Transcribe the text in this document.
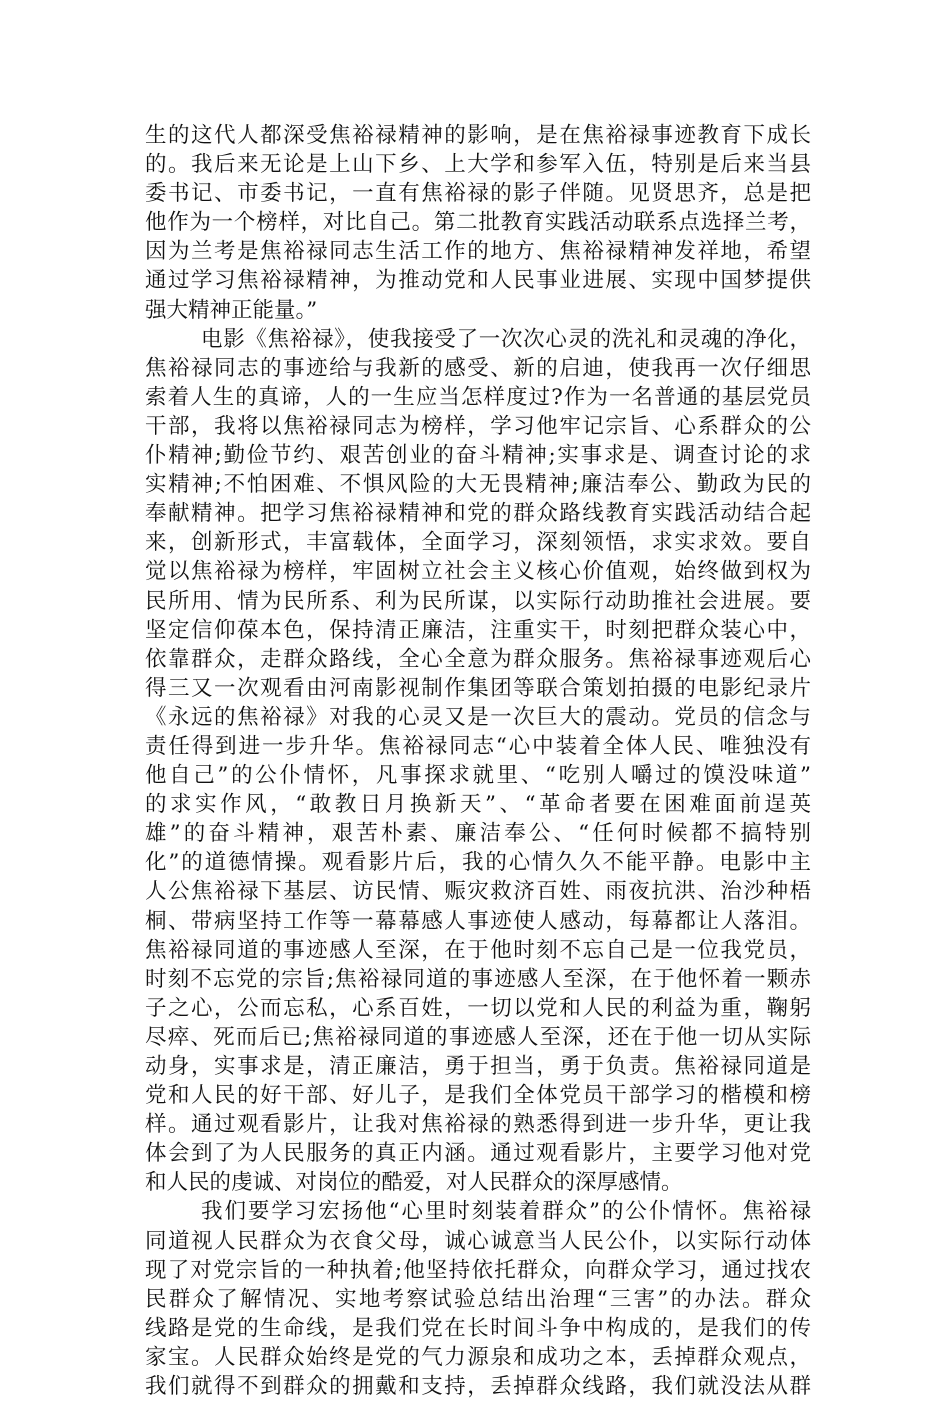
生的这代人都深受焦裕禄精神的影响，是在焦裕禄事迹教育下成长
的。我后来无论是上山下乡、上大学和参军入伍，特别是后来当县
委书记、市委书记，一直有焦裕禄的影子伴随。见贤思齐，总是把
他作为一个榜样，对比自己。第二批教育实践活动联系点选择兰考，
因为兰考是焦裕禄同志生活工作的地方、焦裕禄精神发祥地，希望
通过学习焦裕禄精神，为推动党和人民事业进展、实现中国梦提供
强大精神正能量。”
电影《焦裕禄》，使我接受了一次次心灵的洗礼和灵魂的净化，
焦裕禄同志的事迹给与我新的感受、新的启迪，使我再一次仔细思
索着人生的真谛，人的一生应当怎样度过?作为一名普通的基层党员
干部，我将以焦裕禄同志为榜样，学习他牢记宗旨、心系群众的公
仆精神;勤俭节约、艰苦创业的奋斗精神;实事求是、调查讨论的求
实精神;不怕困难、不惧风险的大无畏精神;廉洁奉公、勤政为民的
奉献精神。把学习焦裕禄精神和党的群众路线教育实践活动结合起
来，创新形式，丰富载体，全面学习，深刻领悟，求实求效。要自
觉以焦裕禄为榜样，牢固树立社会主义核心价值观，始终做到权为
民所用、情为民所系、利为民所谋，以实际行动助推社会进展。要
坚定信仰葆本色，保持清正廉洁，注重实干，时刻把群众装心中，
依靠群众，走群众路线，全心全意为群众服务。焦裕禄事迹观后心
得三又一次观看由河南影视制作集团等联合策划拍摄的电影纪录片
《永远的焦裕禄》对我的心灵又是一次巨大的震动。党员的信念与
责任得到进一步升华。焦裕禄同志“心中装着全体人民、唯独没有
他自己”的公仆情怀，凡事探求就里、“吃别人嚼过的馍没味道”
的求实作风，“敢教日月换新天”、“革命者要在困难面前逞英
雄”的奋斗精神，艰苦朴素、廉洁奉公、“任何时候都不搞特别
化”的道德情操。观看影片后，我的心情久久不能平静。电影中主
人公焦裕禄下基层、访民情、赈灾救济百姓、雨夜抗洪、治沙种梧
桐、带病坚持工作等一幕幕感人事迹使人感动，每幕都让人落泪。
焦裕禄同道的事迹感人至深，在于他时刻不忘自己是一位我党员，
时刻不忘党的宗旨;焦裕禄同道的事迹感人至深，在于他怀着一颗赤
子之心，公而忘私，心系百姓，一切以党和人民的利益为重，鞠躬
尽瘁、死而后已;焦裕禄同道的事迹感人至深，还在于他一切从实际
动身，实事求是，清正廉洁，勇于担当，勇于负责。焦裕禄同道是
党和人民的好干部、好儿子，是我们全体党员干部学习的楷模和榜
样。通过观看影片，让我对焦裕禄的熟悉得到进一步升华，更让我
体会到了为人民服务的真正内涵。通过观看影片，主要学习他对党
和人民的虔诚、对岗位的酷爱，对人民群众的深厚感情。
我们要学习宏扬他“心里时刻装着群众”的公仆情怀。焦裕禄
同道视人民群众为衣食父母，诚心诚意当人民公仆，以实际行动体
现了对党宗旨的一种执着;他坚持依托群众，向群众学习，通过找农
民群众了解情况、实地考察试验总结出治理“三害”的办法。群众
线路是党的生命线，是我们党在长时间斗争中构成的，是我们的传
家宝。人民群众始终是党的气力源泉和成功之本，丢掉群众观点，
我们就得不到群众的拥戴和支持，丢掉群众线路，我们就没法从群
